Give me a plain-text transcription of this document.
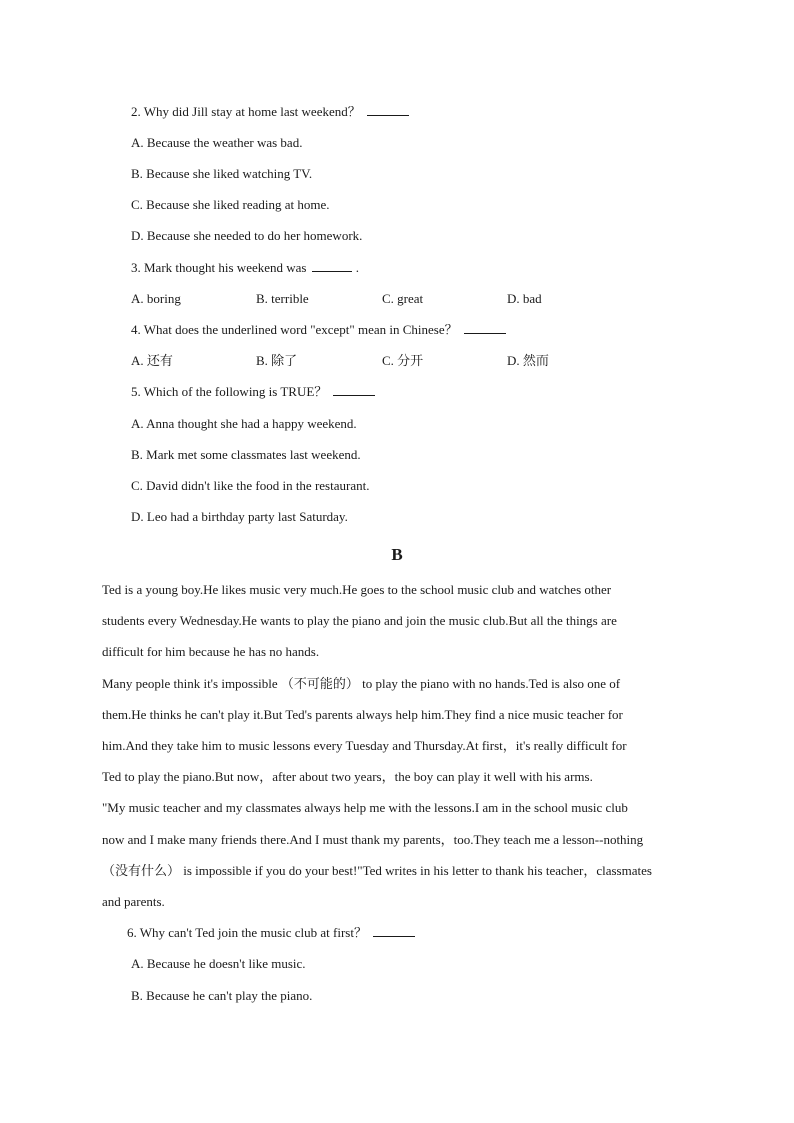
2. Why did Jill stay at home last weekend？
A. Because the weather was bad.
B. Because she liked watching TV.
C. Because she liked reading at home.
D. Because she needed to do her homework.
3. Mark thought his weekend was	.
A. boring	B. terrible	C. great	D. bad
4. What does the underlined word "except" mean in Chinese？
A. 还有	B. 除了	C. 分开	D. 然而
5. Which of the following is TRUE？
A. Anna thought she had a happy weekend.
B. Mark met some classmates last weekend.
C. David didn't like the food in the restaurant.
D. Leo had a birthday party last Saturday.
B
Ted is a young boy.He likes music very much.He goes to the school music club and watches other
students every Wednesday.He wants to play the piano and join the music club.But all the things are
difficult for him because he has no hands.
Many people think it's impossible （不可能的） to play the piano with no hands.Ted is also one of
them.He thinks he can't play it.But Ted's parents always help him.They find a nice music teacher for
him.And they take him to music lessons every Tuesday and Thursday.At first，it's really difficult for
Ted to play the piano.But now，after about two years，the boy can play it well with his arms.
"My music teacher and my classmates always help me with the lessons.I am in the school music club
now and I make many friends there.And I must thank my parents，too.They teach me a lesson--nothing
（没有什么） is impossible if you do your best!"Ted writes in his letter to thank his teacher，classmates
and parents.
6. Why can't Ted join the music club at first？
A. Because he doesn't like music.
B. Because he can't play the piano.
